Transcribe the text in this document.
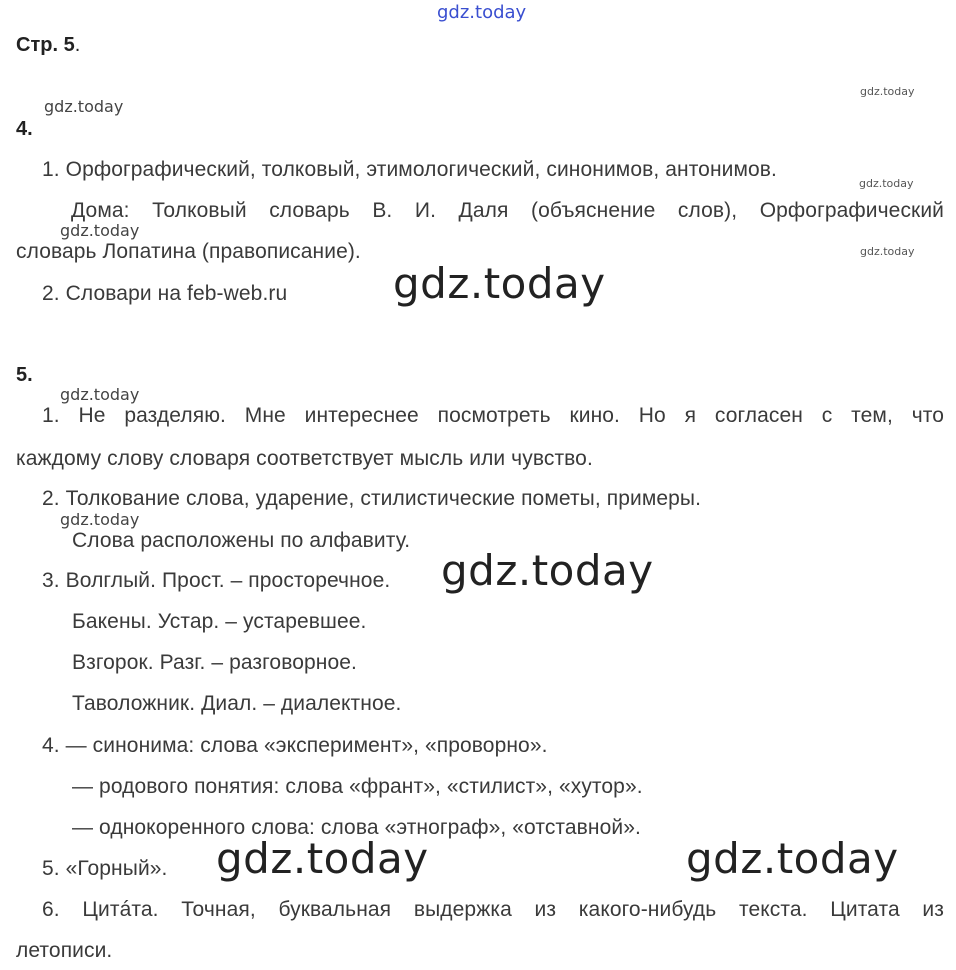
gdz.today
Стр. 5.
gdz.today
gdz.today
4.
1. Орфографический, толковый, этимологический, синонимов, антонимов.
gdz.today
Дома: Толковый словарь В. И. Даля (объяснение слов), Орфографический
gdz.today
словарь Лопатина (правописание).	gdz.today
2. Словари на feb-web.ru	gdz.today
5.
gdz.today
1. Не разделяю. Мне интереснее посмотреть кино. Но я согласен с тем, что
каждому слову словаря соответствует мысль или чувство.
2. Толкование слова, ударение, стилистические пометы, примеры.
gdz.today
Слова расположены по алфавиту.
3. Волглый. Прост. – просторечное. gdz.today
Бакены. Устар. – устаревшее.
Взгорок. Разг. – разговорное.
Таволожник. Диал. – диалектное.
4. — синонима: слова «эксперимент», «проворно».
— родового понятия: слова «франт», «стилист», «хутор».
— однокоренного слова: слова «этнограф», «отставной».
5. «Горный». gdz.today	gdz.today
6. Цитáта. Точная, буквальная выдержка из какого-нибудь текста. Цитата из
летописи.
